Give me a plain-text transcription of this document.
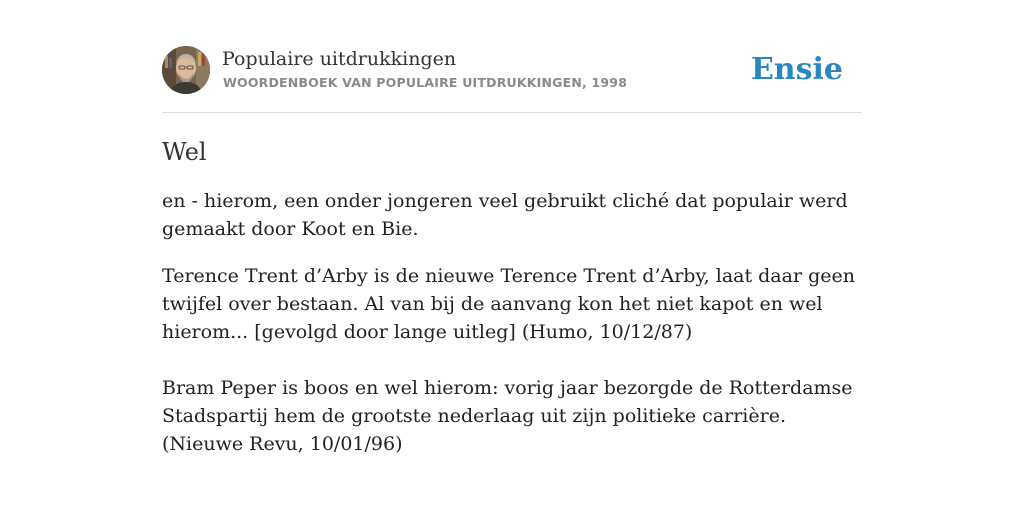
Populaire uitdrukkingen
WOORDENBOEK VAN POPULAIRE UITDRUKKINGEN, 1998	Ensie
Wel

en - hierom, een onder jongeren veel gebruikt cliché dat populair werd gemaakt door Koot en Bie.

Terence Trent d’Arby is de nieuwe Terence Trent d’Arby, laat daar geen twijfel over bestaan. Al van bij de aanvang kon het niet kapot en wel hierom... [gevolgd door lange uitleg] (Humo, 10/12/87)

Bram Peper is boos en wel hierom: vorig jaar bezorgde de Rotterdamse Stadspartij hem de grootste nederlaag uit zijn politieke carrière. (Nieuwe Revu, 10/01/96)
